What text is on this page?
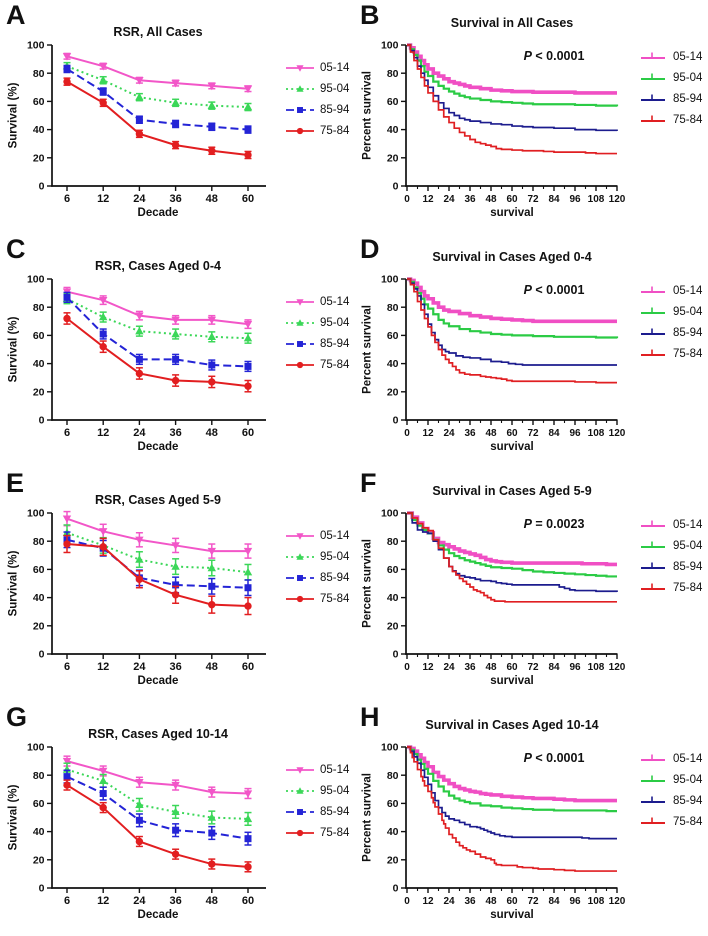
A
RSR, All Cases
0
20
40
60
80
100
6 12 24 36 48 60
Decade
Survival (%)
05-14
95-04
85-94
75-84
B	Survival in All Cases
0
20
40
60
80
100
0 12 24 36 48 60 72 84 96 108 120
survival
Percent survival
P < 0.0001	05-14
95-04
85-94
75-84
C
RSR, Cases Aged 0-4
0
20
40
60
80
100
6 12 24 36 48 60
Decade
Survival (%)
05-14
95-04
85-94
75-84
D	Survival in Cases Aged 0-4
0
20
40
60
80
100
0 12 24 36 48 60 72 84 96 108 120
survival
Percent survival
P < 0.0001	05-14
95-04
85-94
75-84
E
RSR, Cases Aged 5-9
0
20
40
60
80
100
6 12 24 36 48 60
Decade
Survival (%)
05-14
95-04
85-94
75-84
F	Survival in Cases Aged 5-9
0
20
40
60
80
100
0 12 24 36 48 60 72 84 96 108 120
survival
Percent survival
P = 0.0023	05-14
95-04
85-94
75-84
G
RSR, Cases Aged 10-14
0
20
40
60
80
100
6 12 24 36 48 60
Decade
Survival (%)
05-14
95-04
85-94
75-84
H	Survival in Cases Aged 10-14
0
20
40
60
80
100
0 12 24 36 48 60 72 84 96 108 120
survival
Percent survival
P < 0.0001	05-14
95-04
85-94
75-84
